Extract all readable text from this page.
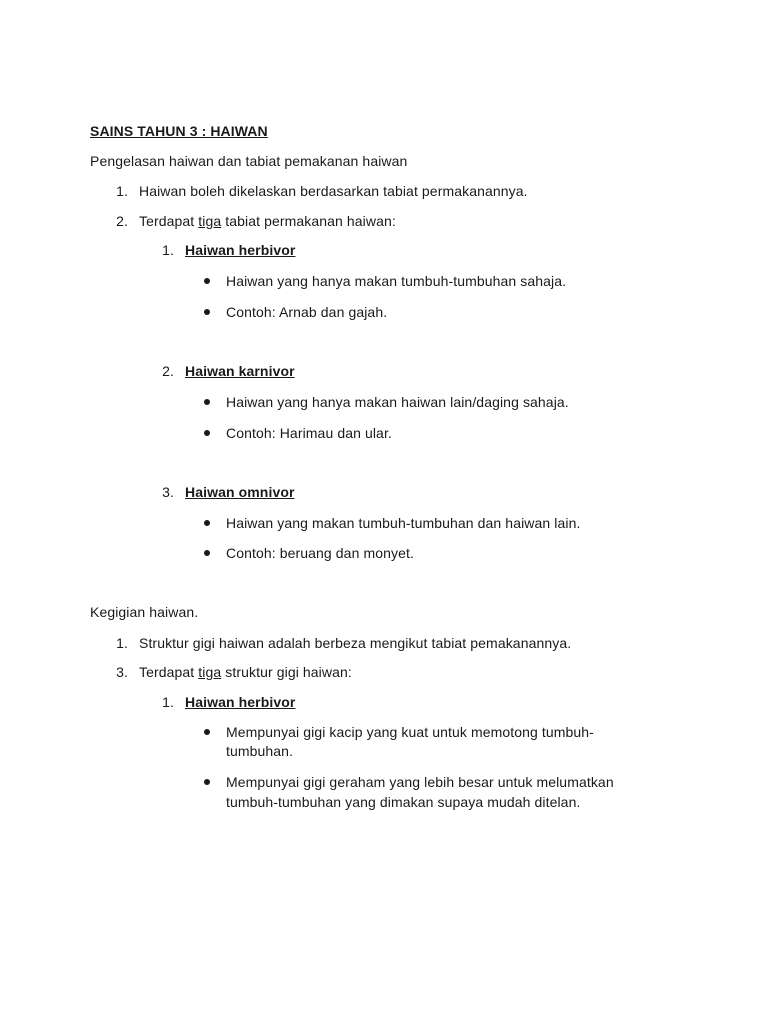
SAINS TAHUN 3 : HAIWAN
Pengelasan haiwan dan tabiat pemakanan haiwan
1. Haiwan boleh dikelaskan berdasarkan tabiat permakanannya.
2. Terdapat tiga tabiat permakanan haiwan:
1. Haiwan herbivor
Haiwan yang hanya makan tumbuh-tumbuhan sahaja.
Contoh: Arnab dan gajah.
2. Haiwan karnivor
Haiwan yang hanya makan haiwan lain/daging sahaja.
Contoh: Harimau dan ular.
3. Haiwan omnivor
Haiwan yang makan tumbuh-tumbuhan dan haiwan lain.
Contoh: beruang dan monyet.
Kegigian haiwan.
1. Struktur gigi haiwan adalah berbeza mengikut tabiat pemakanannya.
3. Terdapat tiga struktur gigi haiwan:
1. Haiwan herbivor
Mempunyai gigi kacip yang kuat untuk memotong tumbuh-
tumbuhan.
Mempunyai gigi geraham yang lebih besar untuk melumatkan
tumbuh-tumbuhan yang dimakan supaya mudah ditelan.
